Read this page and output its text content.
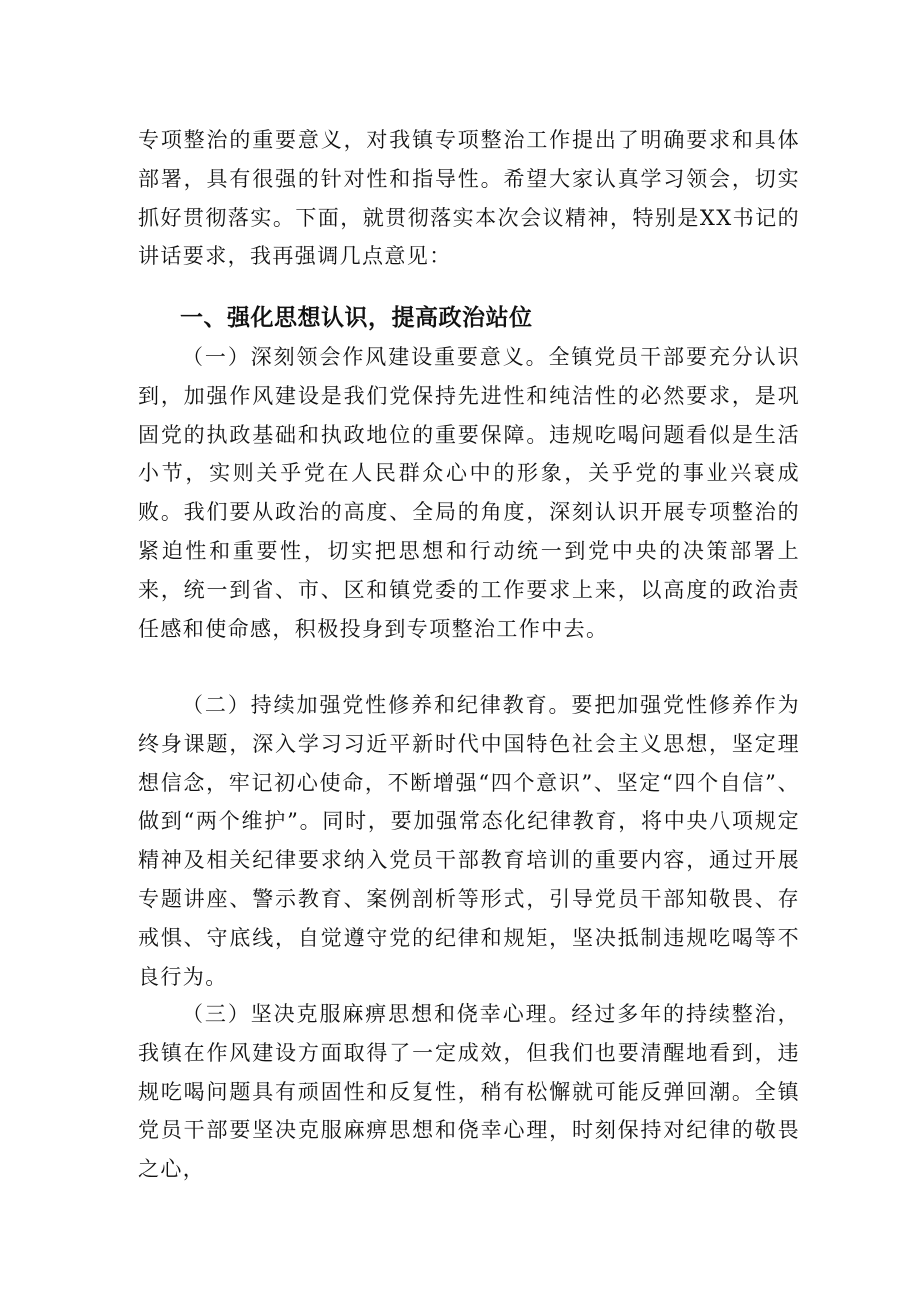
专项整治的重要意义，对我镇专项整治工作提出了明确要求和具体部署，具有很强的针对性和指导性。希望大家认真学习领会，切实抓好贯彻落实。下面，就贯彻落实本次会议精神，特别是XX书记的讲话要求，我再强调几点意见：

一、强化思想认识，提高政治站位

（一）深刻领会作风建设重要意义。全镇党员干部要充分认识到，加强作风建设是我们党保持先进性和纯洁性的必然要求，是巩固党的执政基础和执政地位的重要保障。违规吃喝问题看似是生活小节，实则关乎党在人民群众心中的形象，关乎党的事业兴衰成败。我们要从政治的高度、全局的角度，深刻认识开展专项整治的紧迫性和重要性，切实把思想和行动统一到党中央的决策部署上来，统一到省、市、区和镇党委的工作要求上来，以高度的政治责任感和使命感，积极投身到专项整治工作中去。

（二）持续加强党性修养和纪律教育。要把加强党性修养作为终身课题，深入学习习近平新时代中国特色社会主义思想，坚定理想信念，牢记初心使命，不断增强“四个意识”、坚定“四个自信”、做到“两个维护”。同时，要加强常态化纪律教育，将中央八项规定精神及相关纪律要求纳入党员干部教育培训的重要内容，通过开展专题讲座、警示教育、案例剖析等形式，引导党员干部知敬畏、存戒惧、守底线，自觉遵守党的纪律和规矩，坚决抵制违规吃喝等不良行为。

（三）坚决克服麻痹思想和侥幸心理。经过多年的持续整治，我镇在作风建设方面取得了一定成效，但我们也要清醒地看到，违规吃喝问题具有顽固性和反复性，稍有松懈就可能反弹回潮。全镇党员干部要坚决克服麻痹思想和侥幸心理，时刻保持对纪律的敬畏之心，
